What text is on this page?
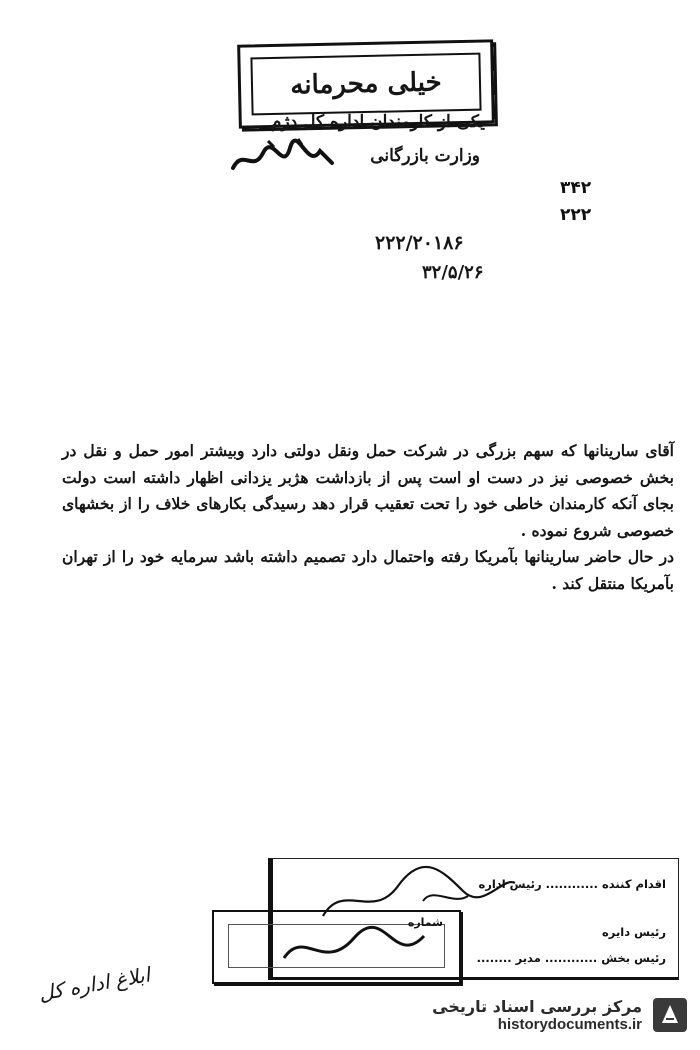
خیلی محرمانه
یکی از کارمندان اداره کل دژم
وزارت بازرگانی
۳۴۲
۲۲۲
۲۲۲/۲۰۱۸۶
۳۲/۵/۲۶

آقای سارینانها که سهم بزرگی در شرکت حمل ونقل دولتی دارد وبیشتر امور حمل و نقل در بخش خصوصی نیز در دست او است پس از بازداشت هژبر یزدانی اظهار داشته است دولت بجای آنکه کارمندان خاطی خود را تحت تعقیب قرار دهد رسیدگی بکارهای خلاف را از بخشهای خصوصی شروع نموده .

در حال حاضر سارینانها بآمریکا رفته واحتمال دارد تصمیم داشته باشد سرمایه خود را از تهران بآمریکا منتقل کند .

اقدام کننده ............ رئیس اداره
رئیس دایره
رئیس بخش ............ مدیر ........
شماره
ابلاغ اداره کل
مرکز بررسی اسناد تاریخی
historydocuments.ir
